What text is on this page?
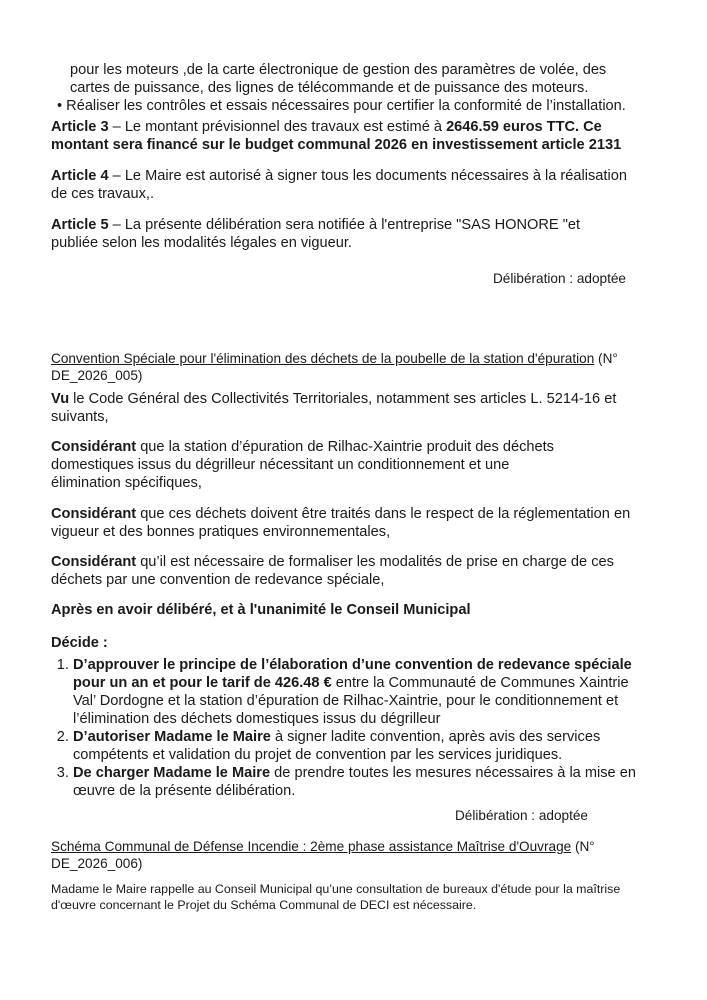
pour les moteurs ,de la carte électronique de gestion des paramètres de volée, des

cartes de puissance, des lignes de télécommande et de puissance des moteurs.

• Réaliser les contrôles et essais nécessaires pour certifier la conformité de l’installation.

Article 3 – Le montant prévisionnel des travaux est estimé à 2646.59 euros TTC. Ce montant sera financé sur le budget communal 2026 en investissement article 2131

Article 4 – Le Maire est autorisé à signer tous les documents nécessaires à la réalisation de ces travaux,.

Article 5 – La présente délibération sera notifiée à l'entreprise "SAS HONORE "et publiée selon les modalités légales en vigueur.

Délibération : adoptée

Convention Spéciale pour l'élimination des déchets de la poubelle de la station d'épuration (N° DE_2026_005)

Vu le Code Général des Collectivités Territoriales, notamment ses articles L. 5214-16 et suivants,

Considérant que la station d’épuration de Rilhac-Xaintrie produit des déchets domestiques issus du dégrilleur nécessitant un conditionnement et une élimination spécifiques,

Considérant que ces déchets doivent être traités dans le respect de la réglementation en vigueur et des bonnes pratiques environnementales,

Considérant qu’il est nécessaire de formaliser les modalités de prise en charge de ces déchets par une convention de redevance spéciale,

Après en avoir délibéré, et à l'unanimité le Conseil Municipal

Décide :

1. D’approuver le principe de l’élaboration d’une convention de redevance spéciale pour un an et pour le tarif de 426.48 € entre la Communauté de Communes Xaintrie Val’ Dordogne et la station d’épuration de Rilhac-Xaintrie, pour le conditionnement et l’élimination des déchets domestiques issus du dégrilleur
2. D’autoriser Madame le Maire à signer ladite convention, après avis des services compétents et validation du projet de convention par les services juridiques.
3. De charger Madame le Maire de prendre toutes les mesures nécessaires à la mise en œuvre de la présente délibération.

Délibération : adoptée

Schéma Communal de Défense Incendie : 2ème phase assistance Maîtrise d'Ouvrage (N° DE_2026_006)

Madame le Maire rappelle au Conseil Municipal qu’une consultation de bureaux d'étude pour la maîtrise d'œuvre concernant le Projet du Schéma Communal de DECI est nécessaire.
